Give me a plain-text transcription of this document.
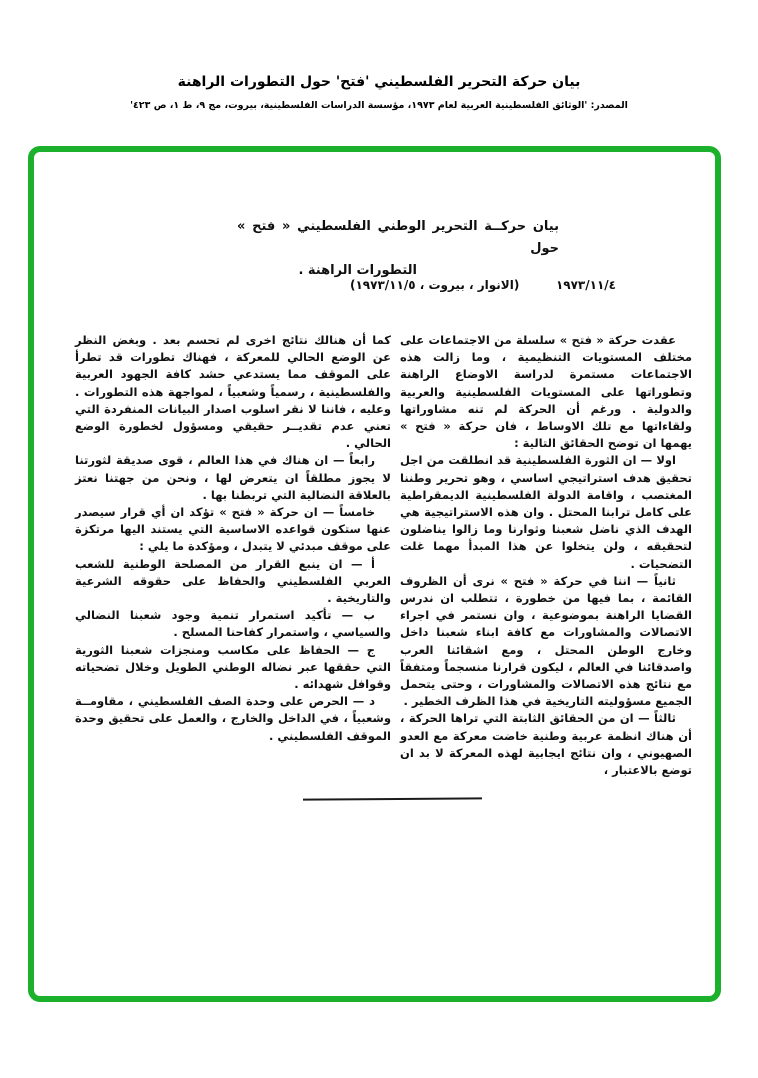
بيان حركة التحرير الفلسطيني 'فتح' حول التطورات الراهنة
المصدر: 'الوثائق الفلسطينية العربية لعام ١٩٧٣، مؤسسة الدراسات الفلسطينية، بيروت، مج ٩، ط ١، ص ٤٢٣'
بيان حركــة التحرير الوطني الفلسطيني « فتح » حول
التطورات الراهنة .
١٩٧٣/١١/٤
(الانوار ، بيروت ، ١٩٧٣/١١/٥)

عقدت حركة « فتح » سلسلة من الاجتماعات على مختلف المستويات التنظيمية ، وما زالت هذه الاجتماعات مستمرة لدراسة الاوضاع الراهنة وتطوراتها على المستويات الفلسطينية والعربية والدولية . ورغم أن الحركة لم تنه مشاوراتها ولقاءاتها مع تلك الاوساط ، فان حركة « فتح » يهمها ان توضح الحقائق التالية :

اولا — ان الثورة الفلسطينية قد انطلقت من اجل تحقيق هدف استراتيجي اساسي ، وهو تحرير وطننا المغتصب ، واقامة الدولة الفلسطينية الديمقراطية على كامل ترابنا المحتل . وان هذه الاستراتيجية هي الهدف الذي ناضل شعبنا وثوارنا وما زالوا يناضلون لتحقيقه ، ولن يتخلوا عن هذا المبدأ مهما غلت التضحيات .

ثانياً — اننا في حركة « فتح » نرى أن الظروف القائمة ، بما فيها من خطورة ، تتطلب ان ندرس القضايا الراهنة بموضوعية ، وان نستمر في اجراء الاتصالات والمشاورات مع كافة ابناء شعبنا داخل وخارج الوطن المحتل ، ومع اشقائنا العرب واصدقائنا في العالم ، ليكون قرارنا منسجماً ومتفقاً مع نتائج هذه الاتصالات والمشاورات ، وحتى يتحمل الجميع مسؤوليته التاريخية في هذا الظرف الخطير .

ثالثاً — ان من الحقائق الثابتة التي تراها الحركة ، أن هناك انظمة عربية وطنية خاضت معركة مع العدو الصهيوني ، وان نتائج ايجابية لهذه المعركة لا بد ان توضع بالاعتبار ،

كما أن هنالك نتائج اخرى لم تحسم بعد . وبغض النظر عن الوضع الحالي للمعركة ، فهناك تطورات قد تطرأ على الموقف مما يستدعي حشد كافة الجهود العربية والفلسطينية ، رسمياً وشعبياً ، لمواجهة هذه التطورات . وعليه ، فاننا لا نقر اسلوب اصدار البيانات المنفردة التي تعني عدم تقديــر حقيقي ومسؤول لخطورة الوضع الحالي .

رابعاً — ان هناك في هذا العالم ، قوى صديقة لثورتنا لا يجوز مطلقاً ان يتعرض لها ، ونحن من جهتنا نعتز بالعلاقة النضالية التي تربطنا بها .

خامساً — ان حركة « فتح » تؤكد ان أي قرار سيصدر عنها ستكون قواعده الاساسية التي يستند اليها مرتكزة على موقف مبدئي لا يتبدل ، ومؤكدة ما يلي :

أ — ان ينبع القرار من المصلحة الوطنية للشعب العربي الفلسطيني والحفاظ على حقوقه الشرعية والتاريخية .

ب — تأكيد استمرار تنمية وجود شعبنا النضالي والسياسي ، واستمرار كفاحنا المسلح .

ج — الحفاظ على مكاسب ومنجزات شعبنا الثورية التي حققها عبر نضاله الوطني الطويل وخلال تضحياته وقوافل شهدائه .

د — الحرص على وحدة الصف الفلسطيني ، مقاومــة وشعبياً ، في الداخل والخارج ، والعمل على تحقيق وحدة الموقف الفلسطيني .
